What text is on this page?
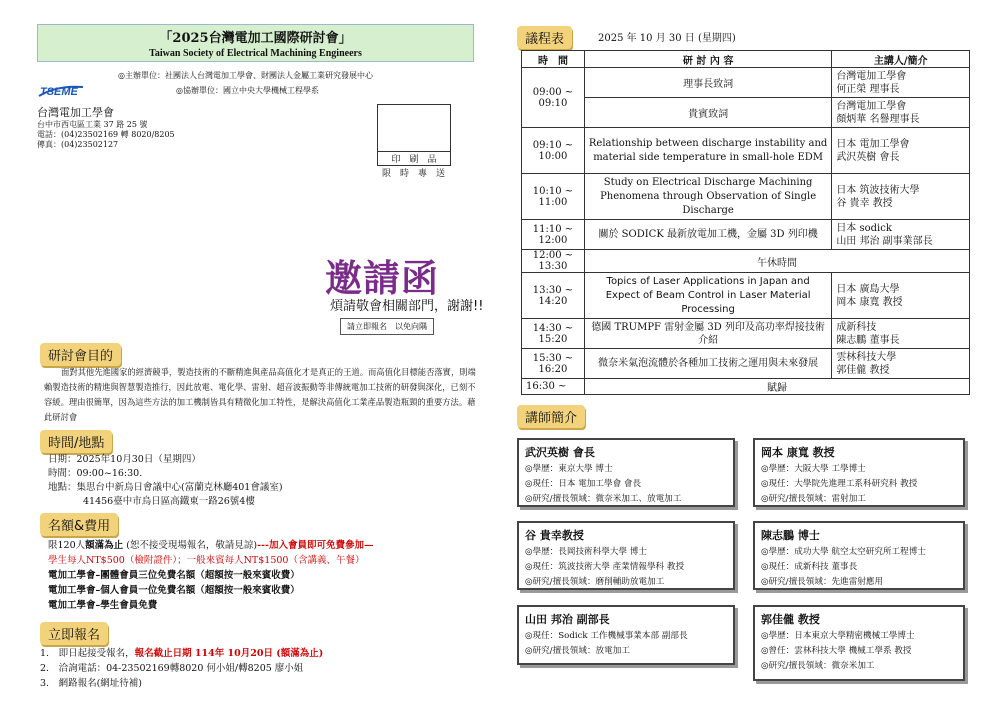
「2025台灣電加工國際研討會」
Taiwan Society of Electrical Machining Engineers
◎主辦單位：社團法人台灣電加工學會、財團法人金屬工業研究發展中心
◎協辦單位：國立中央大學機械工程學系
TSEME
台灣電加工學會
台中市西屯區工業 37 路 25 號
電話：(04)23502169 轉 8020/8205
傳真：(04)23502127
印　刷　品
限　時　專　送
邀請函
煩請敬會相關部門，謝謝!!
請立即報名　以免向隅
研討會目的
面對其他先進國家的經濟競爭，製造技術的不斷精進與產品高值化才是真正的王道。而高值化目標能否落實，則端賴製造技術的精進與智慧製造推行，因此放電、電化學、雷射、超音波振動等非傳統電加工技術的研發與深化，已刻不容緩。理由很簡單，因為這些方法的加工機制皆具有精微化加工特性，是解決高值化工業產品製造瓶頸的重要方法。藉此研討會
時間/地點
日期：2025年10月30日（星期四）
時間：09:00~16:30.
地點：集思台中新烏日會議中心(富蘭克林廳401會議室)
41456臺中市烏日區高鐵東一路26號4樓
名額&費用
限120人額滿為止 (恕不接受現場報名，敬請見諒)---加入會員即可免費參加—
學生每人NT$500（檢附證件）；一般來賓每人NT$1500（含講義、午餐）
電加工學會–團體會員三位免費名額（超額按一般來賓收費）
電加工學會–個人會員一位免費名額（超額按一般來賓收費）
電加工學會–學生會員免費
立即報名
1.　即日起接受報名，報名截止日期 114年 10月20日 (額滿為止)
2.　洽詢電話：04-23502169轉8020 何小姐/轉8205 廖小姐
3.　網路報名(網址待補)
議程表	2025 年 10 月 30 日 (星期四)
時　間	研 討 內 容	主講人/簡介
09:00 ~ 09:10	理事長致詞	台灣電加工學會
何正榮 理事長
	貴賓致詞	台灣電加工學會
顏炳華 名譽理事長
09:10 ~ 10:00	Relationship between discharge instability and material side temperature in small-hole EDM	日本 電加工學會
武沢英樹 會長
10:10 ~ 11:00	Study on Electrical Discharge Machining Phenomena through Observation of Single Discharge	日本 筑波技術大學
谷 貴幸 教授
11:10 ~ 12:00	關於 SODICK 最新放電加工機，金屬 3D 列印機	日本 sodick
山田 邦治 副事業部長
12:00 ~ 13:30	午休時間	
13:30 ~ 14:20	Topics of Laser Applications in Japan and Expect of Beam Control in Laser Material Processing	日本 廣島大學
岡本 康寬 教授
14:30 ~ 15:20	德國 TRUMPF 雷射金屬 3D 列印及高功率焊接技術介紹	成新科技
陳志鵬 董事長
15:30 ~ 16:20	微奈米氣泡流體於各種加工技術之運用與未來發展	雲林科技大學
郭佳儱 教授
16:30 ~	賦歸	
講師簡介
武沢英樹 會長
◎學歷：東京大學 博士
◎現任：日本 電加工學會 會長
◎研究/擅長領域：微奈米加工、放電加工
岡本 康寬 教授
◎學歷：大阪大學 工學博士
◎現任：大學院先進理工系科研究科 教授
◎研究/擅長領域：雷射加工
谷 貴幸教授
◎學歷：長岡技術科學大學 博士
◎現任：筑波技術大學 產業情報學科 教授
◎研究/擅長領域：磨削輔助放電加工
陳志鵬 博士
◎學歷：成功大學 航空太空研究所工程博士
◎現任：成新科技 董事長
◎研究/擅長領域：先進雷射應用
山田 邦治 副部長
◎現任：Sodick 工作機械事業本部 副部長
◎研究/擅長領域：放電加工
郭佳儱 教授
◎學歷：日本東京大學精密機械工學博士
◎曾任：雲林科技大學 機械工學系 教授
◎研究/擅長領域：微奈米加工
